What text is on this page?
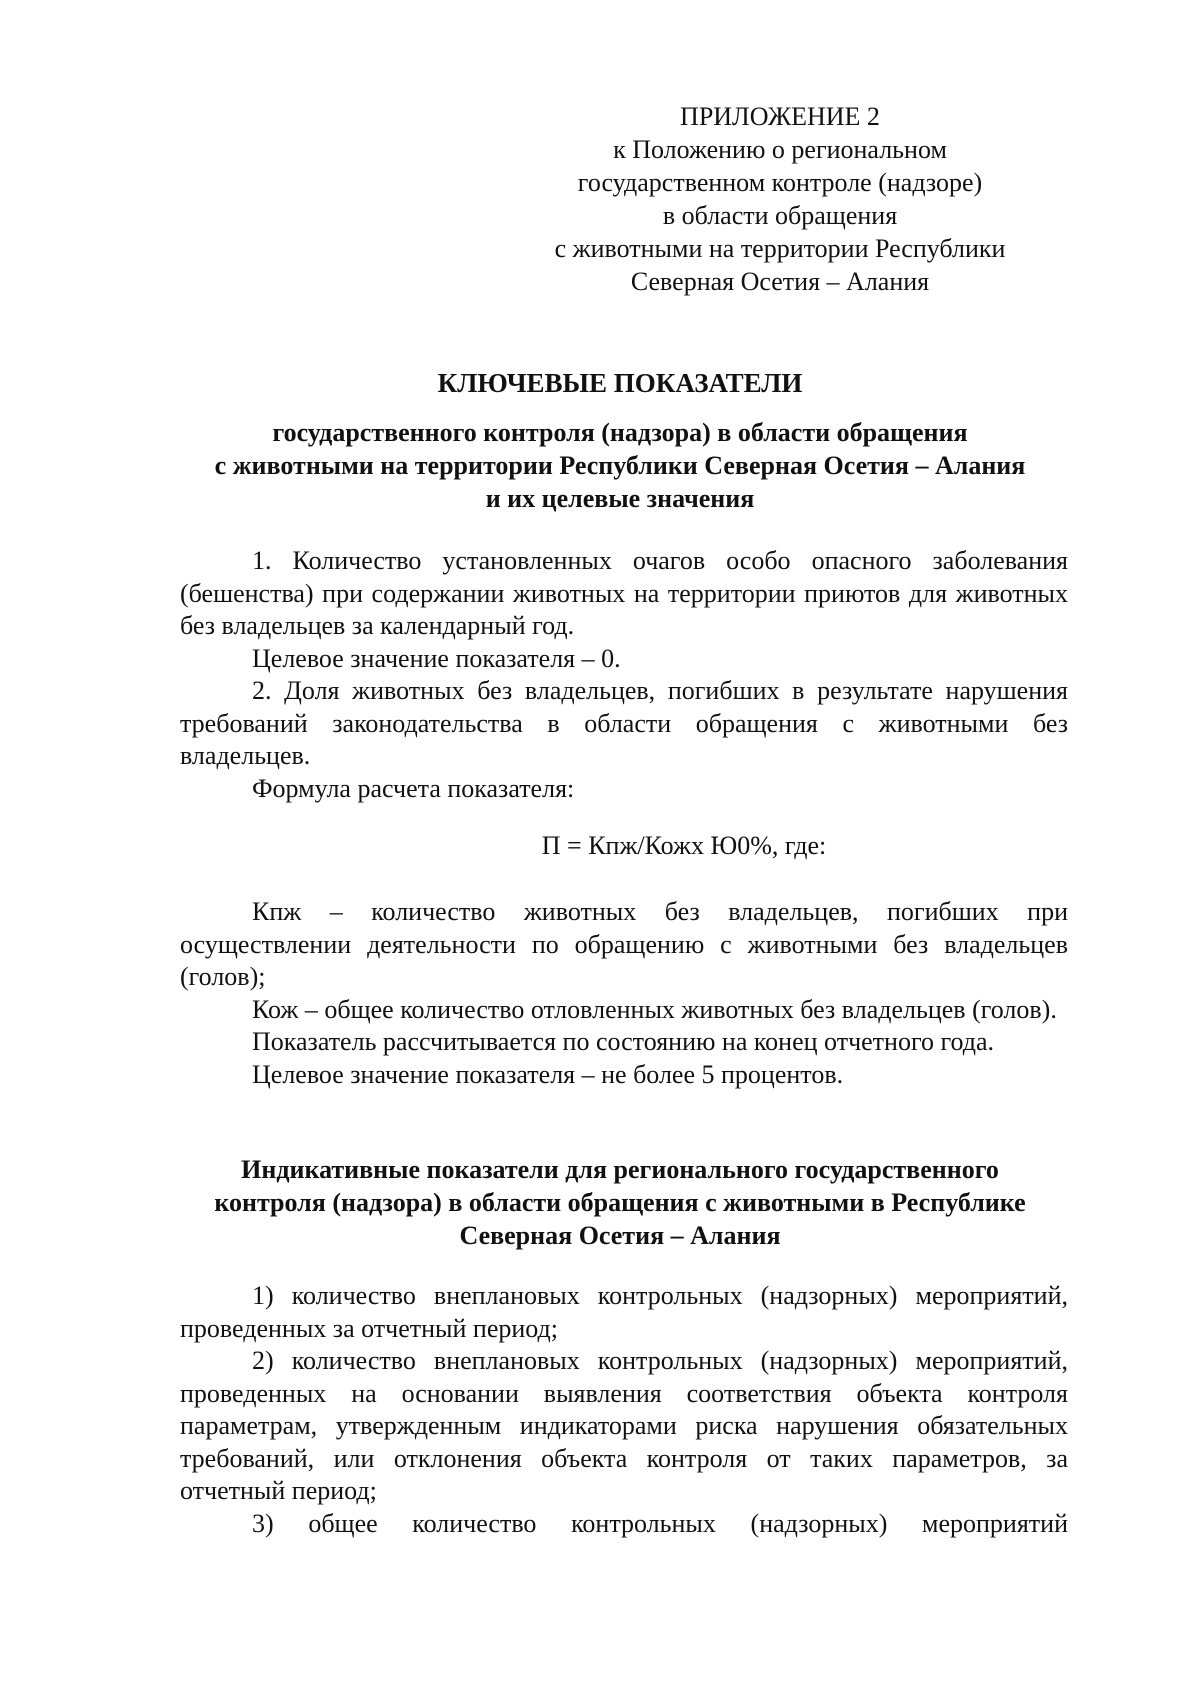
ПРИЛОЖЕНИЕ 2
к Положению о региональном
государственном контроле (надзоре)
в области обращения
с животными на территории Республики
Северная Осетия – Алания
КЛЮЧЕВЫЕ ПОКАЗАТЕЛИ
государственного контроля (надзора) в области обращения
с животными на территории Республики Северная Осетия – Алания
и их целевые значения

1. Количество установленных очагов особо опасного заболевания (бешенства) при содержании животных на территории приютов для животных без владельцев за календарный год.

Целевое значение показателя – 0.

2. Доля животных без владельцев, погибших в результате нарушения требований законодательства в области обращения с животными без владельцев.

Формула расчета показателя:

П = Кпж/Кожх Ю0%, где:

Кпж – количество животных без владельцев, погибших при осуществлении деятельности по обращению с животными без владельцев (голов);

Кож – общее количество отловленных животных без владельцев (голов).

Показатель рассчитывается по состоянию на конец отчетного года.

Целевое значение показателя – не более 5 процентов.

Индикативные показатели для регионального государственного
контроля (надзора) в области обращения с животными в Республике
Северная Осетия – Алания

1) количество внеплановых контрольных (надзорных) мероприятий, проведенных за отчетный период;

2) количество внеплановых контрольных (надзорных) мероприятий, проведенных на основании выявления соответствия объекта контроля параметрам, утвержденным индикаторами риска нарушения обязательных требований, или отклонения объекта контроля от таких параметров, за отчетный период;

3) общее количество контрольных (надзорных) мероприятий
